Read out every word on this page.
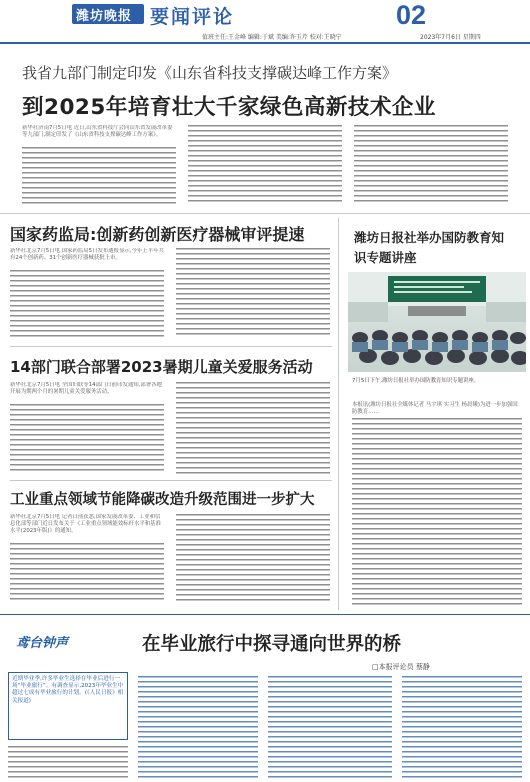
潍坊晚报 要闻评论	02
值班主任:王金峰 编辑:于斌 美编:许玉芹 校对:王晓宁	2023年7月6日 星期四
我省九部门制定印发《山东省科技支撑碳达峰工作方案》
到2025年培育壮大千家绿色高新技术企业
新华社济南7月5日电 近日,山东省科技厅会同山东省发展改革委等九部门,制定印发了《山东省科技支撑碳达峰工作方案》。
国家药监局:创新药创新医疗器械审评提速
新华社北京7月5日电 国家药监局5日发布通报显示,今年上半年共有24个创新药、31个创新医疗器械获批上市。
14部门联合部署2023暑期儿童关爱服务活动
新华社北京7月5日电 全国妇联等14部门日前印发通知,部署各地开展为期两个月的暑期儿童关爱服务活动。
工业重点领域节能降碳改造升级范围进一步扩大
新华社北京7月5日电 记者日前获悉,国家发展改革委、工业和信息化部等部门近日发布关于《工业重点领域能效标杆水平和基准水平(2023年版)》的通知。
潍坊日报社举办国防教育知识专题讲座
7月5日下午,潍坊日报社举办国防教育知识专题讲座。
本报讯(潍坊日报社全媒体记者 马宇琪 实习生 杨晨曦)为进一步加强国防教育……
鸢台钟声	在毕业旅行中探寻通向世界的桥
□本报评论员 蔡静
近期毕业季,许多毕业生选择在毕业后进行一场“毕业旅行”。有调查显示,2023年毕业生中超过七成有毕业旅行的计划。(《人民日报》相关报道)
